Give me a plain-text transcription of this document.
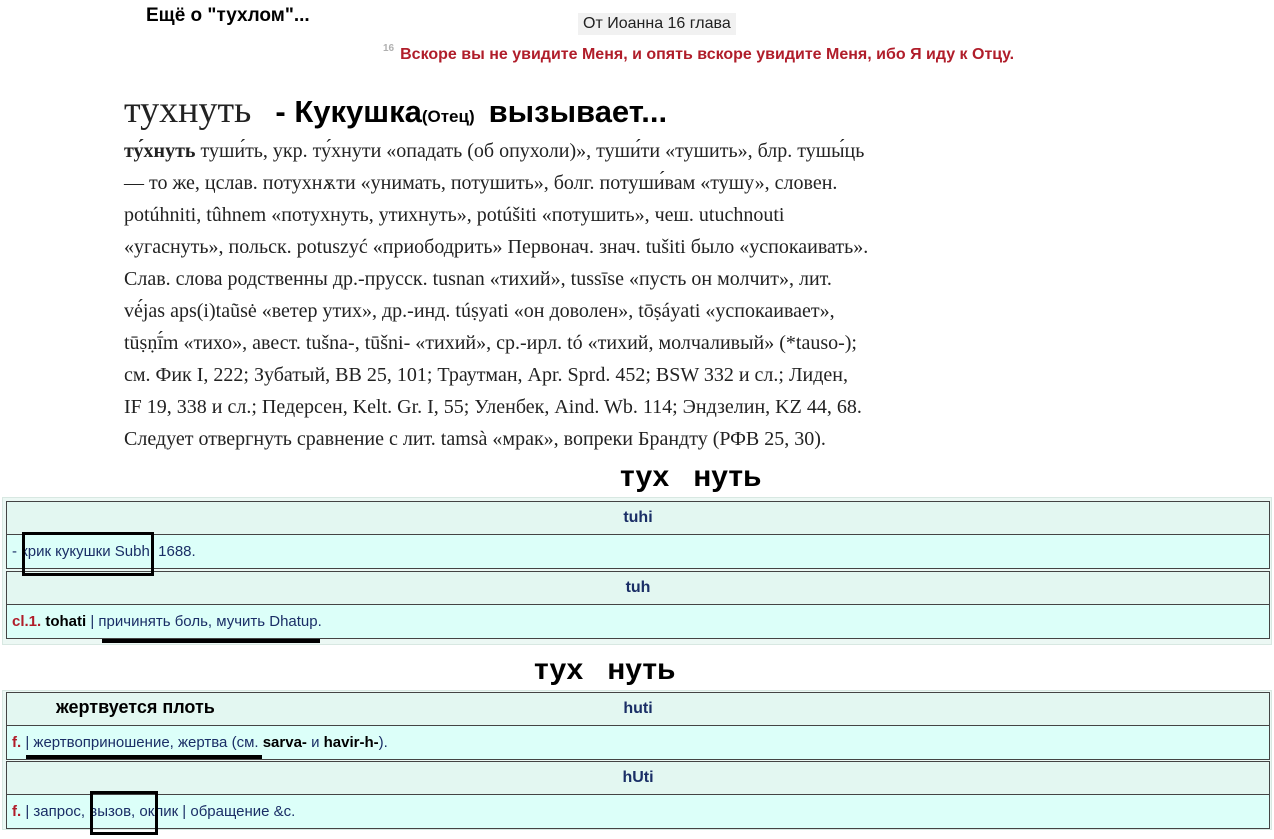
Ещё о "тухлом"...	От Иоанна 16 глава
$^{16}$ Вскоре вы не увидите Меня, и опять вскоре увидите Меня, ибо Я иду к Отцу.
тухнуть - Кукушка(Отец) вызывает...
ту́хнуть туши́ть, укр. ту́хнути «опадать (об опухоли)», туши́ти «тушить», блр. тушы́ць
— то же, цслав. потухнѫти «унимать, потушить», болг. потуши́вам «тушу», словен.
potúhniti, tûhnem «потухнуть, утихнуть», potúšiti «потушить», чеш. utuchnouti
«угаснуть», польск. potuszyć «приободрить» Первонач. знач. tušiti было «успокаивать».
Слав. слова родственны др.-прусск. tusnan «тихий», tussīse «пусть он молчит», лит.
vė́jas aps(i)taũsė «ветер утих», др.-инд. túṣyati «он доволен», tōṣáyati «успокаивает»,
tūṣṇī́m «тихо», авест. tušna-, tūšni- «тихий», ср.-ирл. tó «тихий, молчаливый» (*tauso-);
см. Фик I, 222; Зубатый, BB 25, 101; Траутман, Apr. Sprd. 452; BSW 332 и сл.; Лиден,
IF 19, 338 и сл.; Педерсен, Kelt. Gr. I, 55; Уленбек, Aind. Wb. 114; Эндзелин, KZ 44, 68.
Следует отвергнуть сравнение с лит. tamsà «мрак», вопреки Брандту (РФВ 25, 30).
тух нуть
tuhi
- крик кукушки Subh. 1688.
tuh
cl.1. tohati | причинять боль, мучить Dhatup.
тух нуть
huti
f. | жертвоприношение, жертва (см. sarva- и havir-h-).
hUti
f. | запрос, вызов, оклик | обращение &c.
жертвуется плоть
